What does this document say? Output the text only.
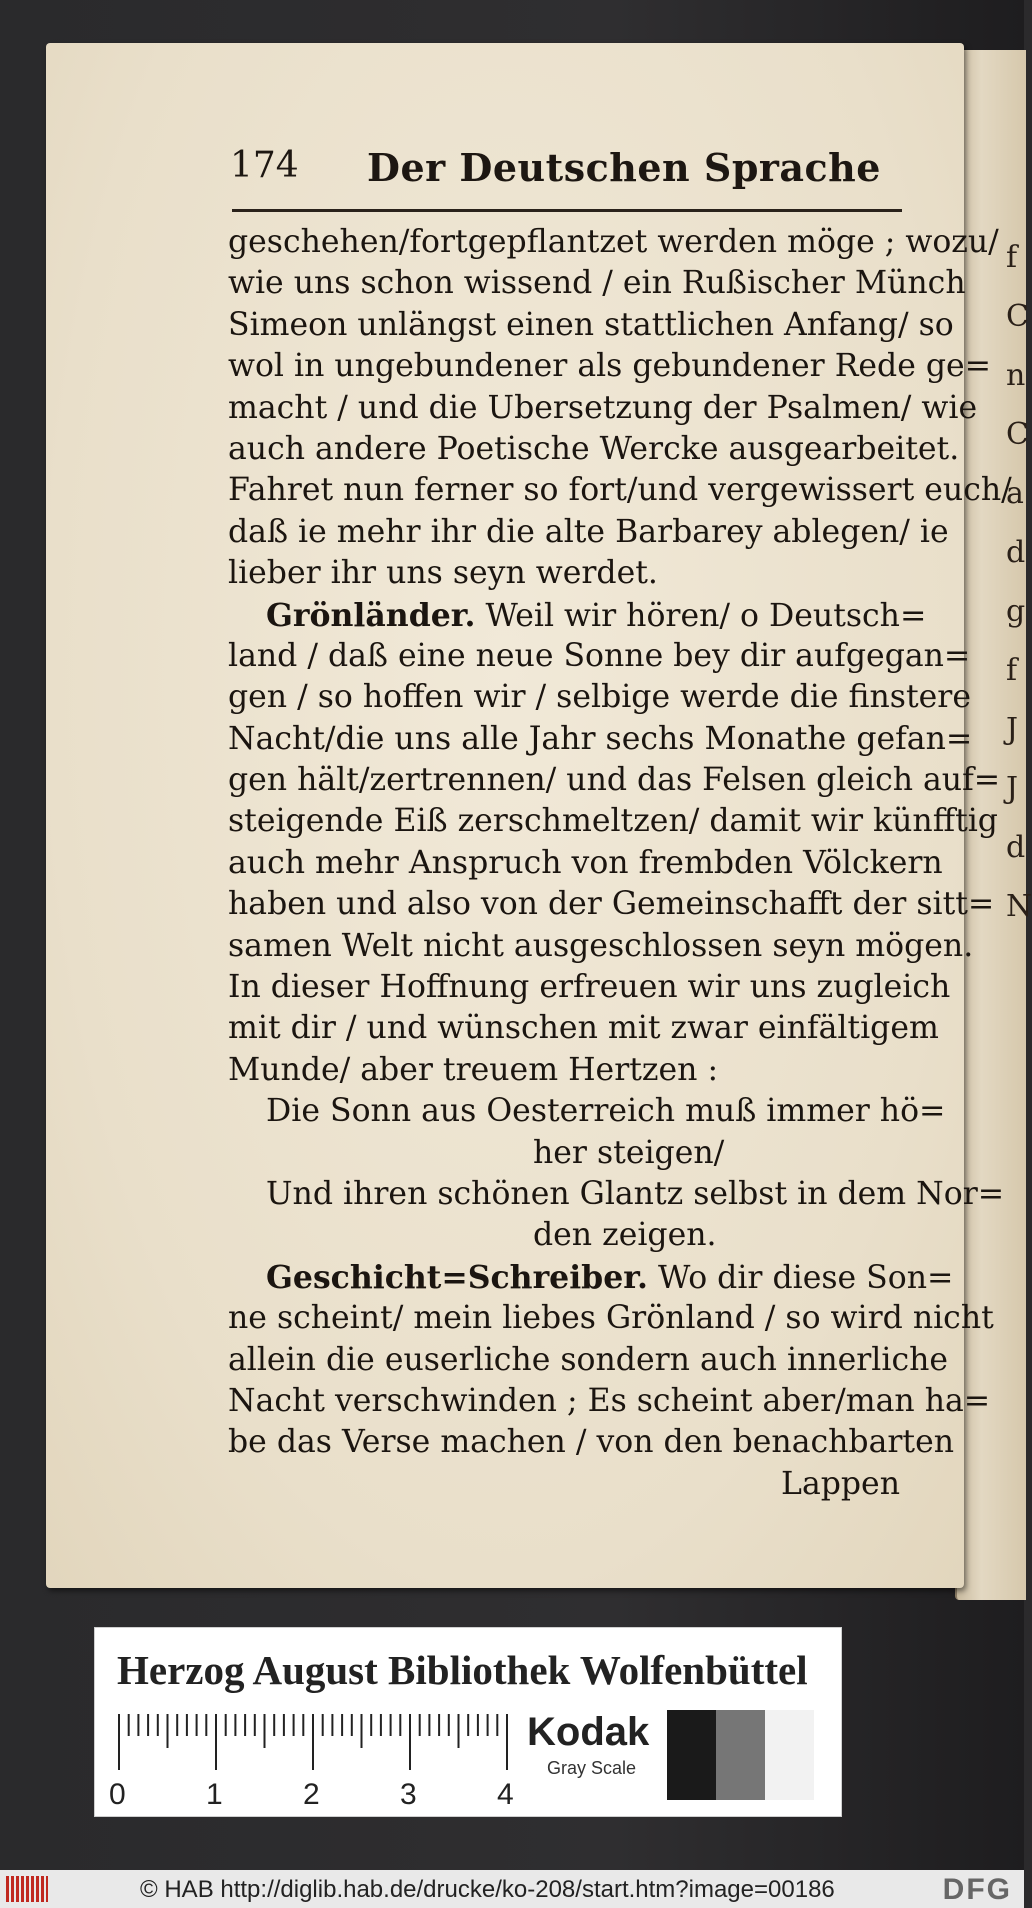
f
C
n
C
a
d
g
f
J
J
d
N
174 Der Deutschen Sprache
geschehen/fortgepflantzet werden möge ; wozu/
wie uns schon wissend / ein Rußischer Münch
Simeon unlängst einen stattlichen Anfang/ so
wol in ungebundener als gebundener Rede ge=
macht / und die Ubersetzung der Psalmen/ wie
auch andere Poetische Wercke ausgearbeitet.
Fahret nun ferner so fort/und vergewissert euch/
daß ie mehr ihr die alte Barbarey ablegen/ ie
lieber ihr uns seyn werdet.
Grönländer. Weil wir hören/ o Deutsch=
land / daß eine neue Sonne bey dir aufgegan=
gen / so hoffen wir / selbige werde die finstere
Nacht/die uns alle Jahr sechs Monathe gefan=
gen hält/zertrennen/ und das Felsen gleich auf=
steigende Eiß zerschmeltzen/ damit wir künfftig
auch mehr Anspruch von frembden Völckern
haben und also von der Gemeinschafft der sitt=
samen Welt nicht ausgeschlossen seyn mögen.
In dieser Hoffnung erfreuen wir uns zugleich
mit dir / und wünschen mit zwar einfältigem
Munde/ aber treuem Hertzen :
Die Sonn aus Oesterreich muß immer hö=
her steigen/
Und ihren schönen Glantz selbst in dem Nor=
den zeigen.
Geschicht=Schreiber. Wo dir diese Son=
ne scheint/ mein liebes Grönland / so wird nicht
allein die euserliche sondern auch innerliche
Nacht verschwinden ; Es scheint aber/man ha=
be das Verse machen / von den benachbarten
Lappen
Herzog August Bibliothek Wolfenbüttel
0	1	2	3	4
Kodak
Gray Scale
© HAB http://diglib.hab.de/drucke/ko-208/start.htm?image=00186	DFG
